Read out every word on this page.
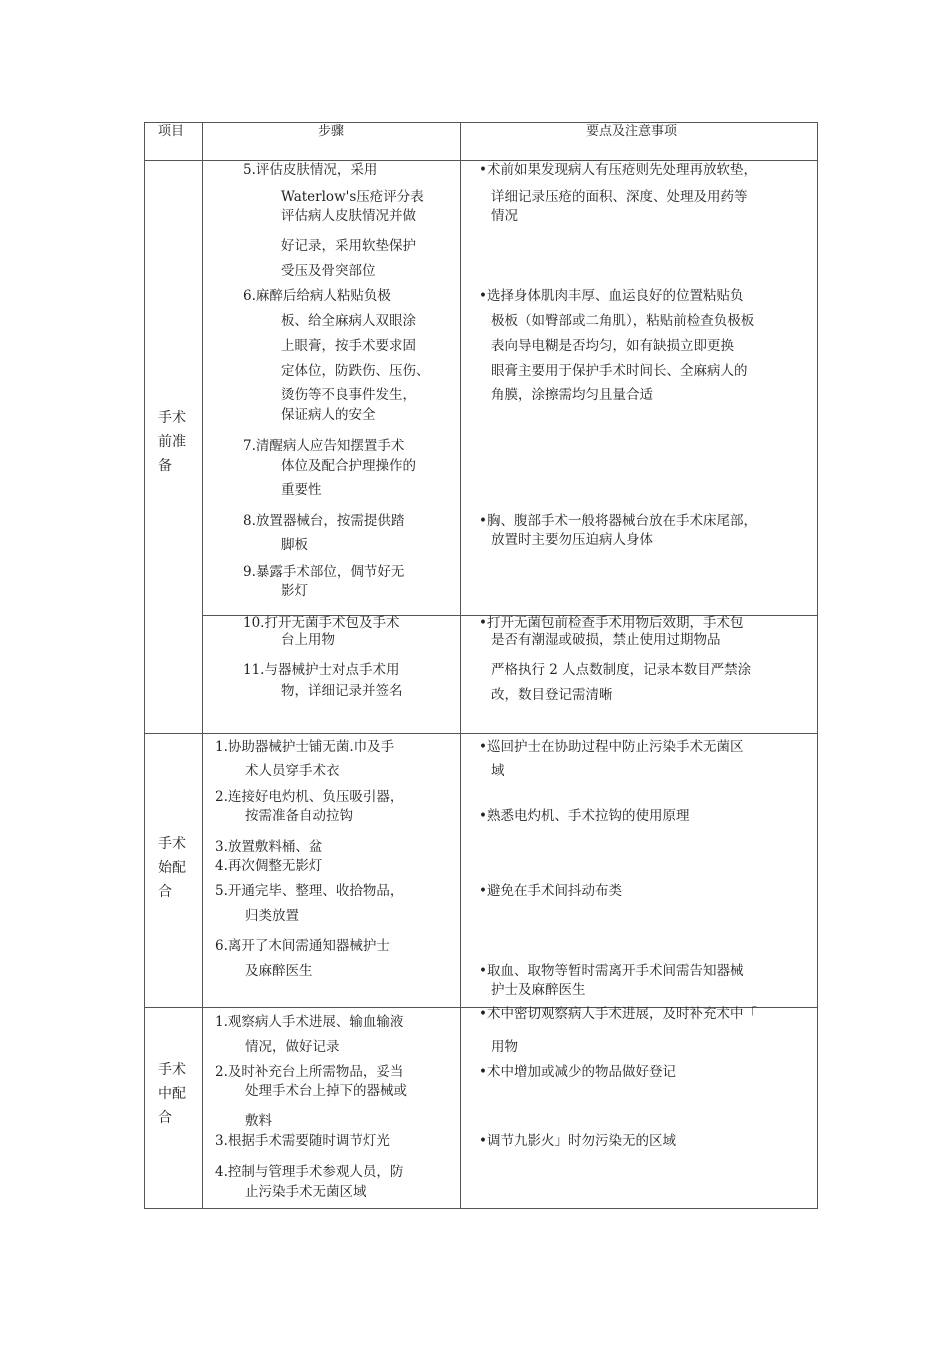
项目	步骤	要点及注意事项
手术
前准
备
手术
始配
合
手术
中配
合
5.评估皮肤情况，采用
Waterlow's压疮评分表
评估病人皮肤情况并做
好记录，采用软垫保护
受压及骨突部位
6.麻醉后给病人粘贴负极
板、给全麻病人双眼涂
上眼膏，按手术要求固
定体位，防跌伤、压伤、
烫伤等不良事件发生，
保证病人的安全
7.清醒病人应告知摆置手术
体位及配合护理操作的
重要性
8.放置器械台，按需提供踏
脚板
9.暴露手术部位，倜节好无
影灯
10.打开无菌手术包及手术
台上用物
11.与器械护士对点手术用
物，详细记录并签名
•术前如果发现病人有压疮则先处理再放软垫，
详细记录压疮的面积、深度、处理及用药等
情况
•选择身体肌肉丰厚、血运良好的位置粘贴负
极板（如臀部或二角肌），粘贴前检查负极板
表向导电糊是否均匀，如有缺损立即更换
眼膏主要用于保护手术时间长、全麻病人的
角膜，涂擦需均匀且量合适
•胸、腹部手术一般将器械台放在手术床尾部，
放置时主要勿压迫病人身体
•打开无菌包前检查手术用物后效期，手术包
是否有潮湿或破损，禁止使用过期物品
严格执行 2 人点数制度，记录本数目严禁涂
改，数目登记需清晰
1.协助器械护士铺无菌.巾及手
术人员穿手术衣
2.连接好电灼机、负压吸引器，
按需准备自动拉钩
3.放置敷料桶、盆
4.再次倜整无影灯
5.开通完毕、整理、收拾物品，
归类放置
6.离开了木间需通知器械护士
及麻醉医生
•巡回护士在协助过程中防止污染手术无菌区
域
•熟悉电灼机、手术拉钩的使用原理
•避免在手术间抖动布类
•取血、取物等暂时需离开手术间需告知器械
护士及麻醉医生
1.观察病人手术进展、输血输液
情况，做好记录
2.及时补充台上所需物品，妥当
处理手术台上掉下的器械或
敷料
3.根据手术需要随时调节灯光
4.控制与管理手术参观人员，防
止污染手术无菌区域
•术中密切观察病人手术进展，及时补充术中「
用物
•术中增加或减少的物品做好登记
•调节九影火」时勿污染无的区域
